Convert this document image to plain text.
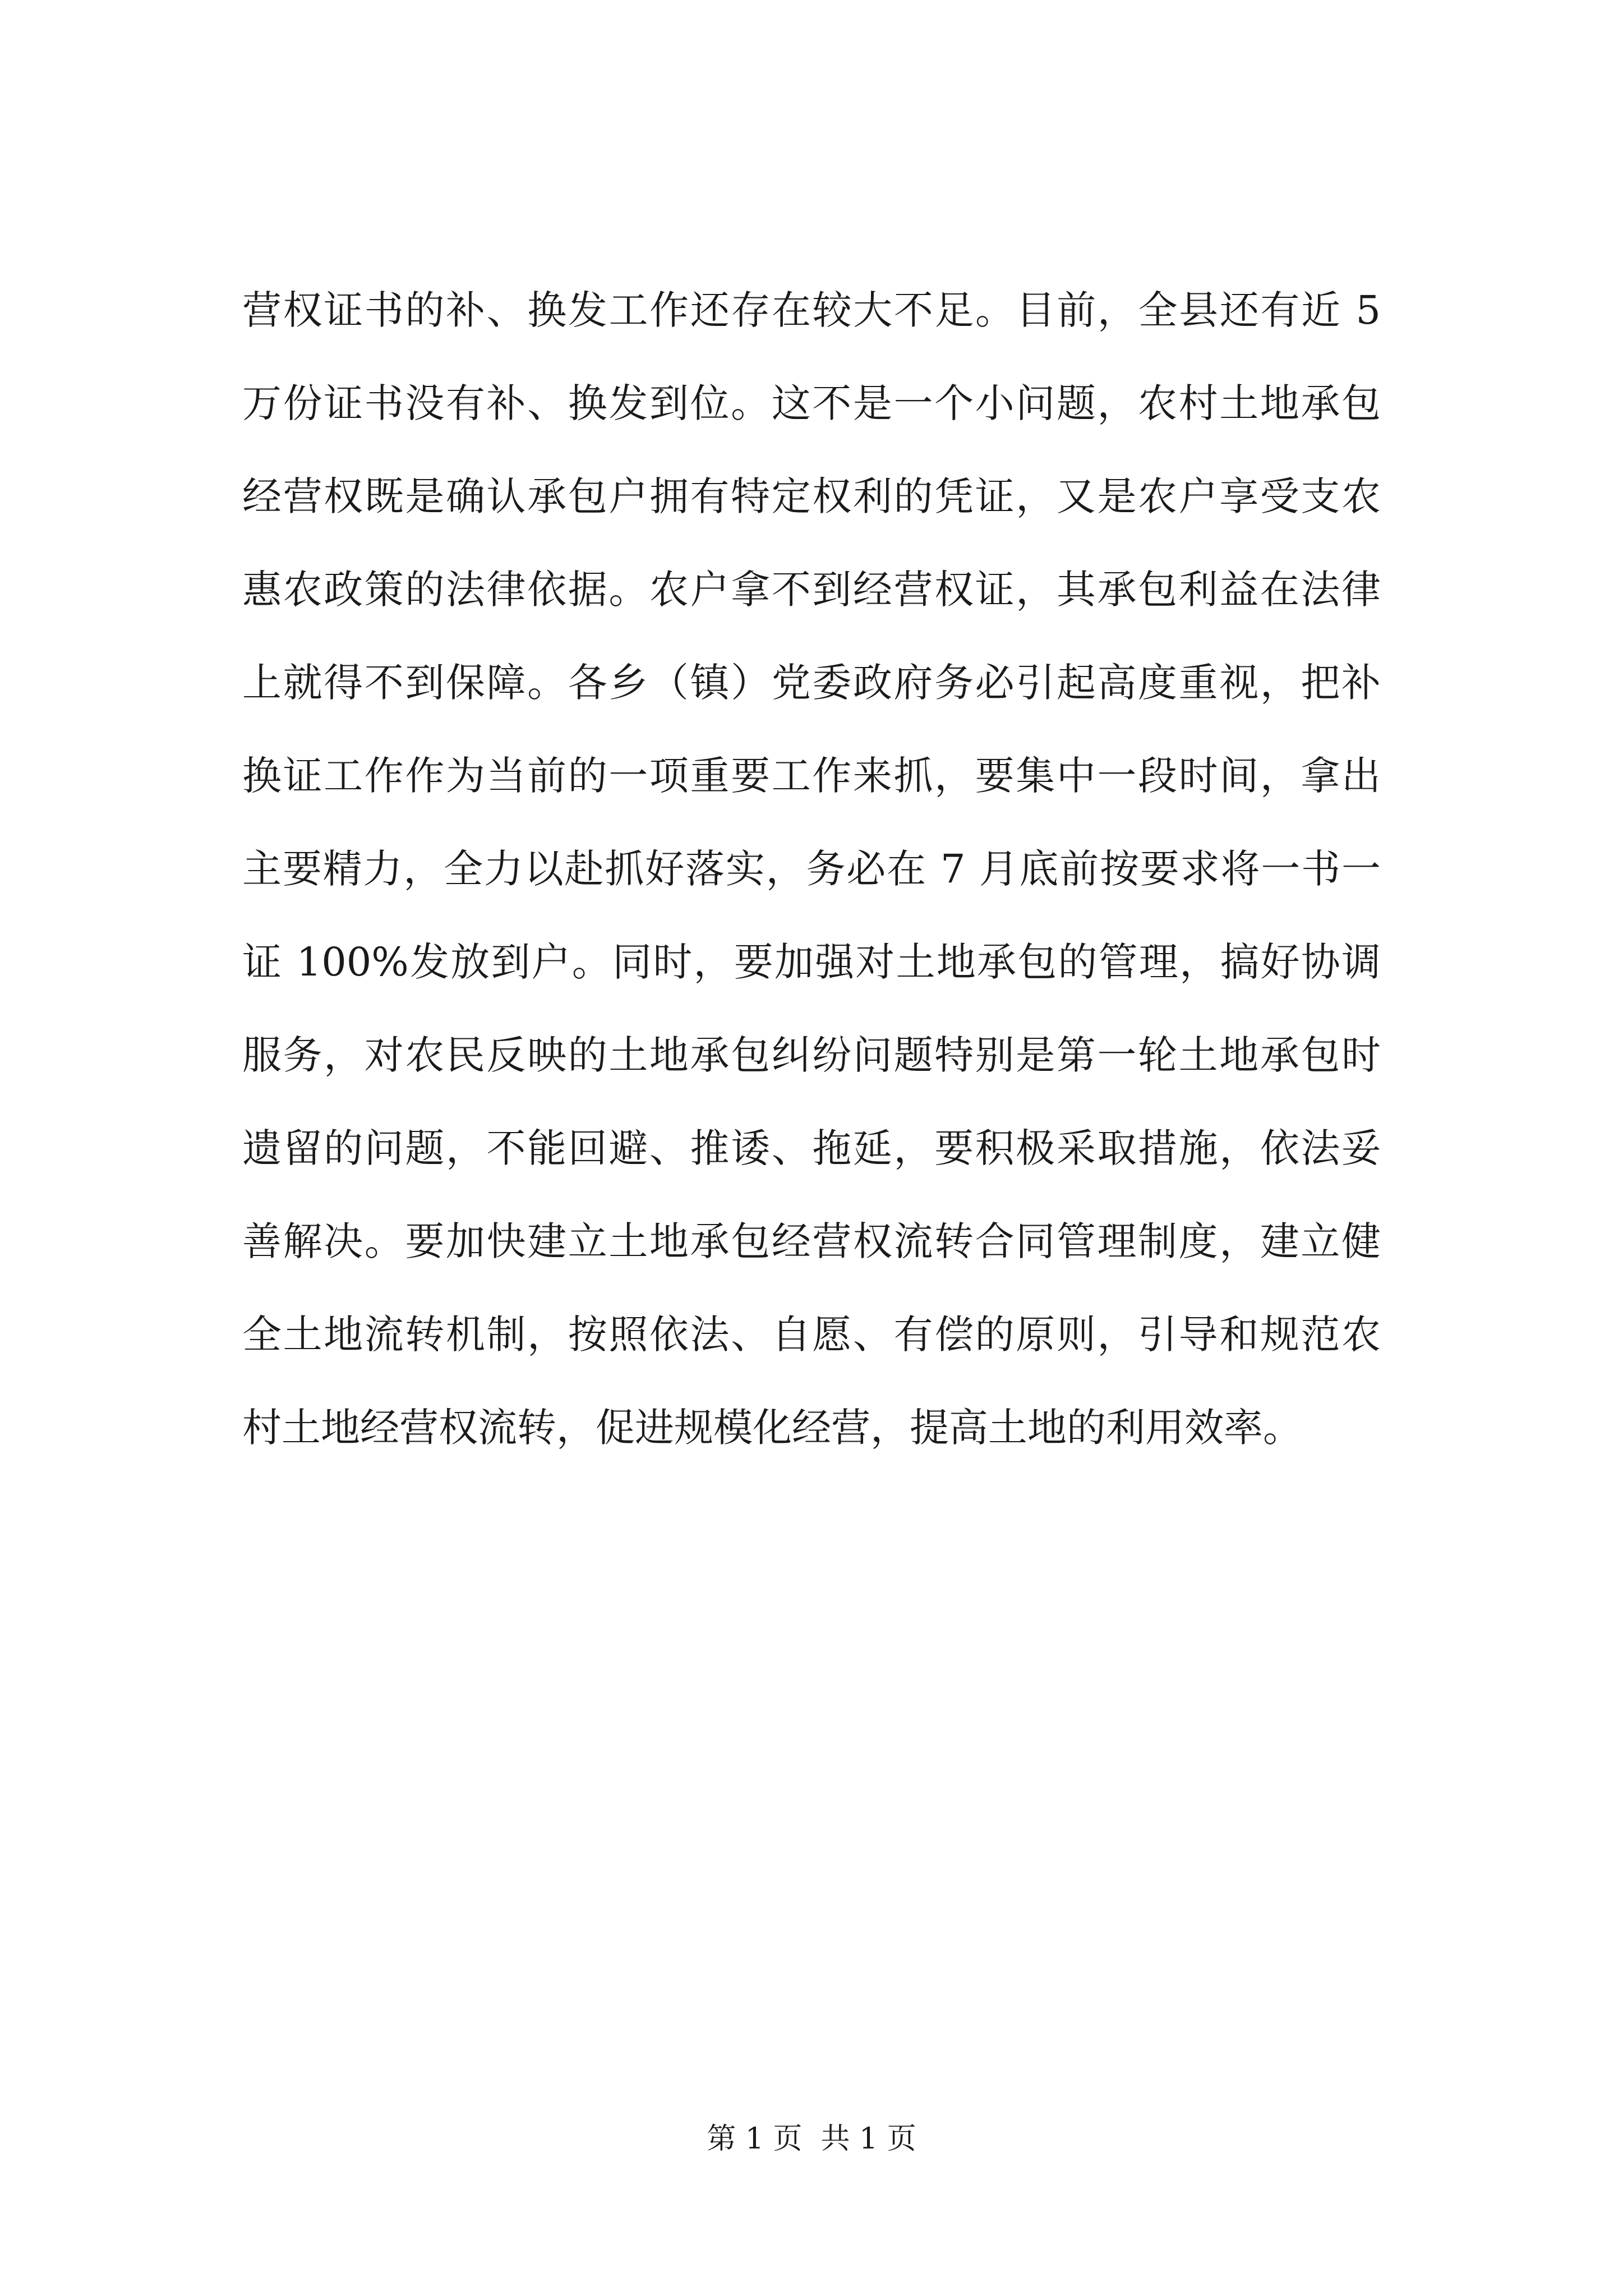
营权证书的补、换发工作还存在较大不足。目前，全县还有近 5
万份证书没有补、换发到位。这不是一个小问题，农村土地承包
经营权既是确认承包户拥有特定权利的凭证，又是农户享受支农
惠农政策的法律依据。农户拿不到经营权证，其承包利益在法律
上就得不到保障。各乡（镇）党委政府务必引起高度重视，把补
换证工作作为当前的一项重要工作来抓，要集中一段时间，拿出
主要精力，全力以赴抓好落实，务必在 7 月底前按要求将一书一
证 100%发放到户。同时，要加强对土地承包的管理，搞好协调
服务，对农民反映的土地承包纠纷问题特别是第一轮土地承包时
遗留的问题，不能回避、推诿、拖延，要积极采取措施，依法妥
善解决。要加快建立土地承包经营权流转合同管理制度，建立健
全土地流转机制，按照依法、自愿、有偿的原则，引导和规范农
村土地经营权流转，促进规模化经营，提高土地的利用效率。
第 1 页  共 1 页
